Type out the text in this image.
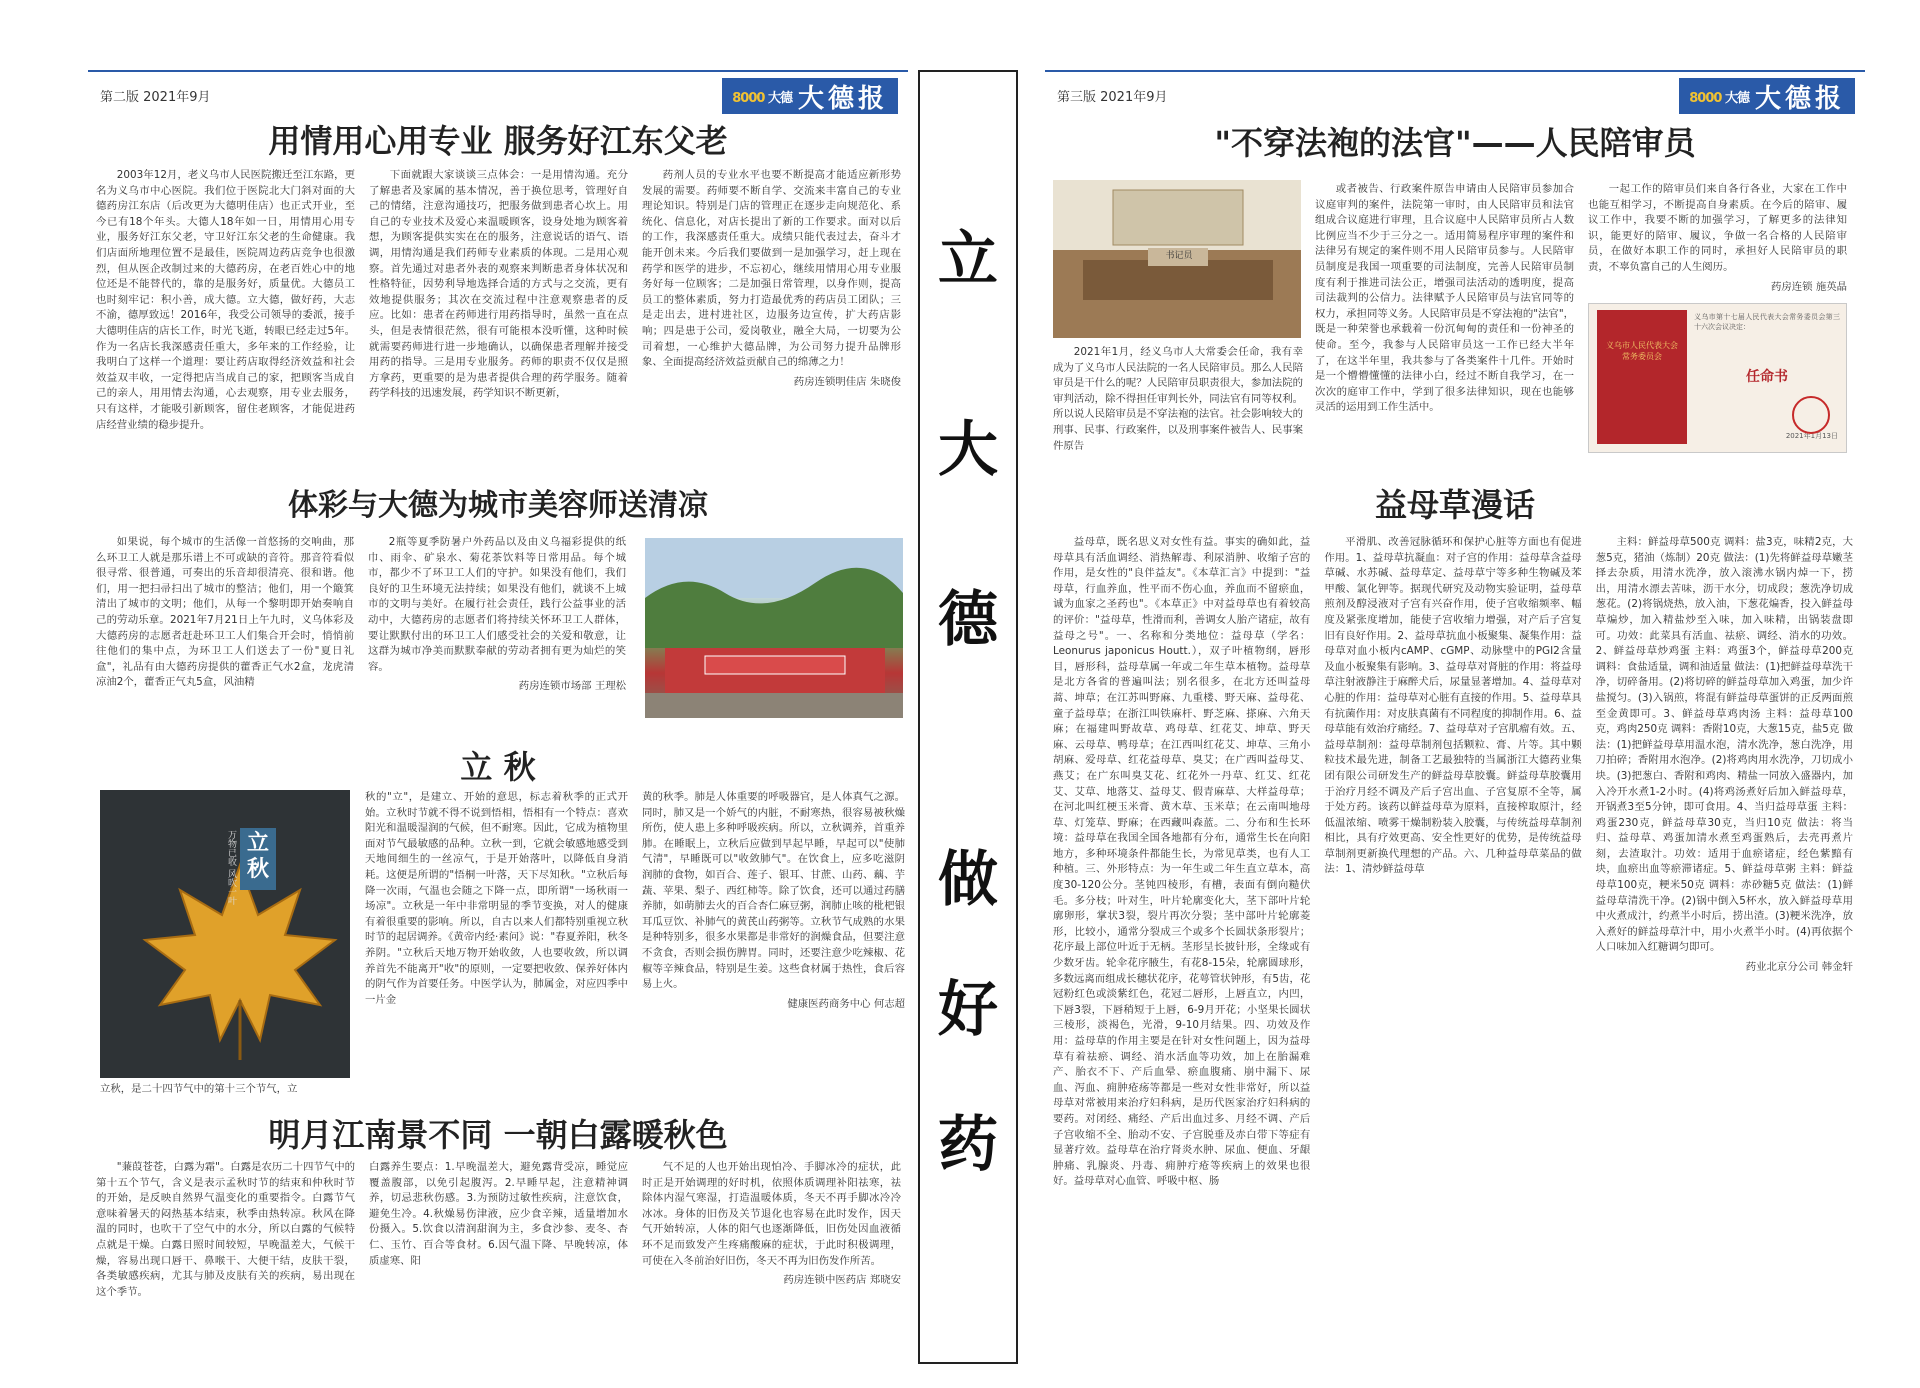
第二版 2021年9月	8000 大德 大德报
用情用心用专业 服务好江东父老

2003年12月，老义乌市人民医院搬迁至江东路，更名为义乌市中心医院。我们位于医院北大门斜对面的大德药房江东店（后改更为大德明佳店）也正式开业，至今已有18个年头。大德人18年如一日，用情用心用专业，服务好江东父老，守卫好江东父老的生命健康。我们店面所地理位置不是最佳，医院周边药店竞争也很激烈，但从医企改制过来的大德药房，在老百姓心中的地位还是不能替代的，靠的是服务好，质量优。大德员工也时刻牢记：积小善，成大德。立大德，做好药，大志不渝，德厚致远！2016年，我受公司领导的委派，接手大德明佳店的店长工作，时光飞逝，转眼已经走过5年。作为一名店长我深感责任重大，多年来的工作经验，让我明白了这样一个道理：要让药店取得经济效益和社会效益双丰收，一定得把店当成自己的家，把顾客当成自己的亲人，用用情去沟通，心去观察，用专业去服务，只有这样，才能吸引新顾客，留住老顾客，才能促进药店经营业绩的稳步提升。

下面就跟大家谈谈三点体会：一是用情沟通。充分了解患者及家属的基本情况，善于换位思考，管理好自己的情绪，注意沟通技巧，把服务做到患者心坎上。用自己的专业技术及爱心来温暖顾客，设身处地为顾客着想，为顾客提供实实在在的服务，注意说话的语气、语调，用情沟通是我们药师专业素质的体现。二是用心观察。首先通过对患者外表的观察来判断患者身体状况和性格特征，因势利导地选择合适的方式与之交流，更有效地提供服务；其次在交流过程中注意观察患者的反应。比如：患者在药师进行用药指导时，虽然一直在点头，但是表情很茫然，很有可能根本没听懂，这种时候就需要药师进行进一步地确认，以确保患者理解并接受用药的指导。三是用专业服务。药师的职责不仅仅是照方拿药，更重要的是为患者提供合理的药学服务。随着药学科技的迅速发展，药学知识不断更新，

药剂人员的专业水平也要不断提高才能适应新形势发展的需要。药师要不断自学、交流来丰富自己的专业理论知识。特别是门店的管理正在逐步走向规范化、系统化、信息化，对店长提出了新的工作要求。面对以后的工作，我深感责任重大。成绩只能代表过去，奋斗才能开创未来。今后我们要做到一是加强学习，赶上现在药学和医学的进步，不忘初心，继续用情用心用专业服务好每一位顾客；二是加强日常管理，以身作则，提高员工的整体素质，努力打造最优秀的药店员工团队；三是走出去，进村进社区，边服务边宣传，扩大药店影响；四是患于公司，爱岗敬业，融全大局，一切要为公司着想，一心维护大德品牌，为公司努力提升品牌形象、全面提高经济效益贡献自己的绵薄之力！

药房连锁明佳店 朱晓俊
体彩与大德为城市美容师送清凉

如果说，每个城市的生活像一首悠扬的交响曲，那么环卫工人就是那乐谱上不可或缺的音符。那音符看似很寻常、很普通，可奏出的乐音却很清亮、很和谐。他们，用一把扫帚扫出了城市的整洁；他们，用一个簸箕清出了城市的文明；他们，从每一个黎明即开始奏响自己的劳动乐章。2021年7月21日上午九时，义乌体彩及大德药房的志愿者赶赴环卫工人们集合开会时，悄悄前往他们的集中点，为环卫工人们送去了一份"夏日礼盒"，礼品有由大德药房提供的藿香正气水2盒，龙虎清凉油2个，藿香正气丸5盒，风油精

2瓶等夏季防暑户外药品以及由义乌福彩提供的纸巾、雨伞、矿泉水、菊花茶饮料等日常用品。每个城市，都少不了环卫工人们的守护。如果没有他们，我们良好的卫生环境无法持续；如果没有他们，就谈不上城市的文明与美好。在履行社会责任，践行公益事业的活动中，大德药房的志愿者们将持续关怀环卫工人群体，要让默默付出的环卫工人们感受社会的关爱和敬意，让这群为城市净美而默默奉献的劳动者拥有更为灿烂的笑容。

药房连锁市场部 王理松
立 秋
立秋
万物已收 风吹一叶
立秋，是二十四节气中的第十三个节气，立

秋的"立"，是建立、开始的意思，标志着秋季的正式开始。立秋时节就不得不说到悟相，悟相有一个特点：喜欢阳光和温暖湿润的气候，但不耐寒。因此，它成为植物里面对节气最敏感的品种。立秋一到，它就会敏感地感受到天地间细生的一丝凉气，于是开始落叶，以降低自身消耗。这便是所谓的"悟桐一叶落，天下尽知秋。"立秋后每降一次雨，气温也会随之下降一点，即所谓"一场秋雨一场凉"。立秋是一年中非常明显的季节变换，对人的健康有着很重要的影响。所以，自古以来人们都特别重视立秋时节的起居调养。《黄帝内经·素问》说："春夏养阳，秋冬养阴。"立秋后天地万物开始收敛，人也要收敛，所以调养首先不能离开"收"的原则，一定要把收敛、保养好体内的阴气作为首要任务。中医学认为，肺属金，对应四季中一片金

黄的秋季。肺是人体重要的呼吸器官，是人体真气之源。同时，肺又是一个娇气的内脏，不耐寒热，很容易被秋燥所伤，使人患上多种呼吸疾病。所以，立秋调养，首重养肺。在睡眠上，立秋后应做到早起早睡，早起可以"使肺气清"，早睡既可以"收敛肺气"。在饮食上，应多吃滋阴润肺的食物，如百合、莲子、银耳、甘蔗、山药、藕、芋蔬、苹果、梨子、西红柿等。除了饮食，还可以通过药膳养肺，如萌肺去火的百合杏仁麻豆粥，润肺止咳的枇杷银耳瓜豆饮、补肺气的黄芪山药粥等。立秋节气成熟的水果是种特别多，很多水果都是非常好的润燥食品，但要注意不贪食，否则会损伤脾胃。同时，还要注意少吃辣椒、花椒等辛辣食品，特别是生姜。这些食材属于热性，食后容易上火。

健康医药商务中心 何志超
明月江南景不同 一朝白露暖秋色

"蒹葭苍苍，白露为霜"。白露是农历二十四节气中的第十五个节气，含义是表示孟秋时节的结束和仲秋时节的开始，是反映自然界气温变化的重要指令。白露节气意味着暑天的闷热基本结束，秋季由热转凉。秋风在降温的同时，也吹干了空气中的水分，所以白露的气候特点就是干燥。白露日照时间较短，早晚温差大，气候干燥，容易出现口唇干、鼻喉干、大便干结，皮肤干裂，各类敏感疾病，尤其与肺及皮肤有关的疾病，易出现在这个季节。

白露养生要点：1.早晚温差大，避免露背受凉，睡觉应覆盖腹部，以免引起腹泻。2.早睡早起，注意精神调养，切忌悲秋伤感。3.为预防过敏性疾病，注意饮食，避免生冷。4.秋燥易伤津液，应少食辛辣，适量增加水份摄入。5.饮食以清润甜润为主，多食沙参、麦冬、杏仁、玉竹、百合等食材。6.因气温下降、早晚转凉，体质虚寒、阳

气不足的人也开始出现怕冷、手脚冰冷的症状，此时正是开始调理的好时机，依照体质调理补阳祛寒，祛除体内湿气寒湿，打造温暖体质，冬天不再手脚冰冷冷冰冰。身体的旧伤及关节退化也容易在此时发作，因天气开始转凉，人体的阳气也逐渐降低，旧伤处因血液循环不足而致发产生疼痛酸麻的症状，于此时积极调理，可使在入冬前治好旧伤，冬天不再为旧伤发作所苦。

药房连锁中医药店 郑晓安
立
大
德
做
好
药
第三版 2021年9月	8000 大德 大德报
"不穿法袍的法官"——人民陪审员
书记员

2021年1月，经义乌市人大常委会任命，我有幸成为了义乌市人民法院的一名人民陪审员。那么人民陪审员是干什么的呢？人民陪审员职责很大，参加法院的审判活动，除不得担任审判长外，同法官有同等权利。所以说人民陪审员是不穿法袍的法官。社会影响较大的刑事、民事、行政案件，以及刑事案件被告人、民事案件原告

或者被告、行政案件原告申请由人民陪审员参加合议庭审判的案件，法院第一审时，由人民陪审员和法官组成合议庭进行审理，且合议庭中人民陪审员所占人数比例应当不少于三分之一。适用简易程序审理的案件和法律另有规定的案件则不用人民陪审员参与。人民陪审员制度是我国一项重要的司法制度，完善人民陪审员制度有利于推进司法公正，增强司法活动的透明度，提高司法裁判的公信力。法律赋予人民陪审员与法官同等的权力，承担同等义务。人民陪审员是不穿法袍的"法官"，既是一种荣誉也承载着一份沉甸甸的责任和一份神圣的使命。至今，我参与人民陪审员这一工作已经大半年了，在这半年里，我共参与了各类案件十几件。开始时是一个懵懵懂懂的法律小白，经过不断自我学习，在一次次的庭审工作中，学到了很多法律知识，现在也能够灵活的运用到工作生活中。

一起工作的陪审员们来自各行各业，大家在工作中也能互相学习，不断提高自身素质。在今后的陪审、履议工作中，我要不断的加强学习，了解更多的法律知识，能更好的陪审、履议，争做一名合格的人民陪审员，在做好本职工作的同时，承担好人民陪审员的职责，不辜负富自己的人生阅历。

药房连锁 施英晶
义乌市人民代表大会常务委员会
义乌市第十七届人民代表大会常务委员会第三十六次会议决定：
任命书
2021年1月13日
益母草漫话

益母草，既名思义对女性有益。事实的确如此，益母草具有活血调经、消热解毒、利尿消肿、收缩子宫的作用，是女性的"良伴益友"。《本草汇言》中提到："益母草，行血养血，性平而不伤心血，养血而不留瘀血，诚为血家之圣药也"。《本草正》中对益母草也有着较高的评价："益母草，性滑而利，善调女人胎产诸症，故有益母之号"。一、名称和分类地位：益母草（学名：Leonurus japonicus Houtt.），双子叶植物纲，唇形目，唇形科，益母草属一年或二年生草本植物。益母草是北方各省的普遍叫法；别名很多，在北方还叫益母蒿、坤草；在江苏叫野麻、九重楼、野天麻、益母花、童子益母草；在浙江叫铁麻杆、野芝麻、搽麻、六角天麻；在福建叫野故草、鸡母草、红花艾、坤草、野天麻、云母草、鸭母草；在江西叫红花艾、坤草、三角小胡麻、爱母草、红花益母草、臭艾；在广西叫益母艾、燕艾；在广东叫臭艾花、红花外一丹草、红艾、红花艾、艾草、地落艾、益母艾、假青麻草、大样益母草；在河北叫红梗玉米膏、黄木草、玉米草；在云南叫地母草、灯笼草、野麻；在西藏叫森蓝。二、分布和生长环境：益母草在我国全国各地都有分布，通常生长在向阳地方，多种环境条件都能生长，为常见草类，也有人工种植。三、外形特点：为一年生或二年生直立草本，高度30-120公分。茎钝四棱形，有槽，表面有倒向糙伏毛。多分枝；叶对生，叶片轮廓变化大，茎下部叶片轮廓卵形，掌状3裂，裂片再次分裂；茎中部叶片轮廓菱形，比较小，通常分裂成三个或多个长圆状条形裂片；花序最上部位叶近于无柄。茎形呈长披针形，全缘或有少数牙齿。轮伞花序腋生，有花8-15朵，轮廓圆球形，多数远离而组成长穗状花序，花萼管状钟形，有5齿，花冠粉红色或淡紫红色，花冠二唇形，上唇直立，内凹，下唇3裂，下唇稍短于上唇，6-9月开花；小坚果长圆状三棱形，淡褐色，光滑，9-10月结果。四、功效及作用：益母草的作用主要是在针对女性问题上，因为益母草有着祛瘀、调经、消水活血等功效，加上在胎漏难产、胎衣不下、产后血晕、瘀血腹痛、崩中漏下、尿血、泻血、痈肿疮疡等都是一些对女性非常好，所以益母草对常被用来治疗妇科病，是历代医家治疗妇科病的要药。对闭经、痛经、产后出血过多、月经不调、产后子宫收缩不全、胎动不安、子宫脱垂及赤白带下等症有显著疗效。益母草在治疗肾炎水肿、尿血、便血、牙龈肿痛、乳腺炎、丹毒、痈肿疔疮等疾病上的效果也很好。益母草对心血管、呼吸中枢、肠

平滑肌、改善冠脉循环和保护心脏等方面也有促进作用。1、益母草抗凝血：对子宫的作用：益母草含益母草碱、水苏碱、益母草定、益母草宁等多种生物碱及苯甲酸、氯化钾等。据现代研究及动物实验证明，益母草煎剂及醇浸液对子宫有兴奋作用，使子宫收缩频率、幅度及紧张度增加，能使子宫收缩力增强，对产后子宫复旧有良好作用。2、益母草抗血小板聚集、凝集作用：益母草对血小板内cAMP、cGMP、动脉壁中的PGI2含量及血小板聚集有影响。3、益母草对肾脏的作用：将益母草注射液静注于麻醉犬后，尿量显著增加。4、益母草对心脏的作用：益母草对心脏有直接的作用。5、益母草具有抗菌作用：对皮肤真菌有不同程度的抑制作用。6、益母草能有效治疗痛经。7、益母草对子宫肌瘤有效。五、益母草制剂：益母草制剂包括颗粒、膏、片等。其中颗粒技术最先进，制备工艺最独特的当属浙江大德药业集团有限公司研发生产的鲜益母草胶囊。鲜益母草胶囊用于治疗月经不调及产后子宫出血、子宫复原不全等，属于处方药。该药以鲜益母草为原料，直接榨取原汁，经低温浓缩、喷雾干燥制粉装入胶囊，与传统益母草制剂相比，具有疗效更高、安全性更好的优势，是传统益母草制剂更新换代理想的产品。六、几种益母草菜品的做法：1、清炒鲜益母草

主料：鲜益母草500克 调料：盐3克，味精2克，大葱5克，猪油（炼制）20克 做法：(1)先将鲜益母草嫩茎择去杂质，用清水洗净，放入滚沸水锅内焯一下，捞出，用清水漂去苦味，沥干水分，切成段；葱洗净切成葱花。(2)将锅烧热，放入油，下葱花煸香，投入鲜益母草煸炒，加入精盐炒至入味，加入味精，出锅装盘即可。功效：此菜具有活血、祛瘀、调经、消水的功效。2、鲜益母草炒鸡蛋 主料：鸡蛋3个，鲜益母草200克 调料：食盐适量，调和油适量 做法：(1)把鲜益母草洗干净，切碎备用。(2)将切碎的鲜益母草加入鸡蛋，加少许盐搅匀。(3)入锅煎，将混有鲜益母草蛋饼的正反两面煎至金黄即可。3、鲜益母草鸡肉汤 主料：益母草100克，鸡肉250克 调料：香附10克，大葱15克，盐5克 做法：(1)把鲜益母草用温水泡，清水洗净，葱白洗净，用刀拍碎；香附用水泡净。(2)将鸡肉用水洗净，刀切成小块。(3)把葱白、香附和鸡肉、精盐一同放入盛器内，加入冷开水煮1-2小时。(4)将鸡汤煮好后加入鲜益母草，开锅煮3至5分钟，即可食用。4、当归益母草蛋 主料：鸡蛋230克，鲜益母草30克，当归10克 做法：将当归、益母草、鸡蛋加清水煮至鸡蛋熟后，去壳再煮片刻，去渣取汁。功效：适用于血瘀诸症，经色紫黯有块，血瘀出血等瘀滞诸症。5、鲜益母草粥 主料：鲜益母草100克，粳米50克 调料：赤砂糖5克 做法：(1)鲜益母草清洗干净。(2)锅中倒入5杯水，放入鲜益母草用中火煮成汁，约煮半小时后，捞出渣。(3)粳米洗净，放入煮好的鲜益母草汁中，用小火煮半小时。(4)再依据个人口味加入红糖调匀即可。

药业北京分公司 韩金轩
